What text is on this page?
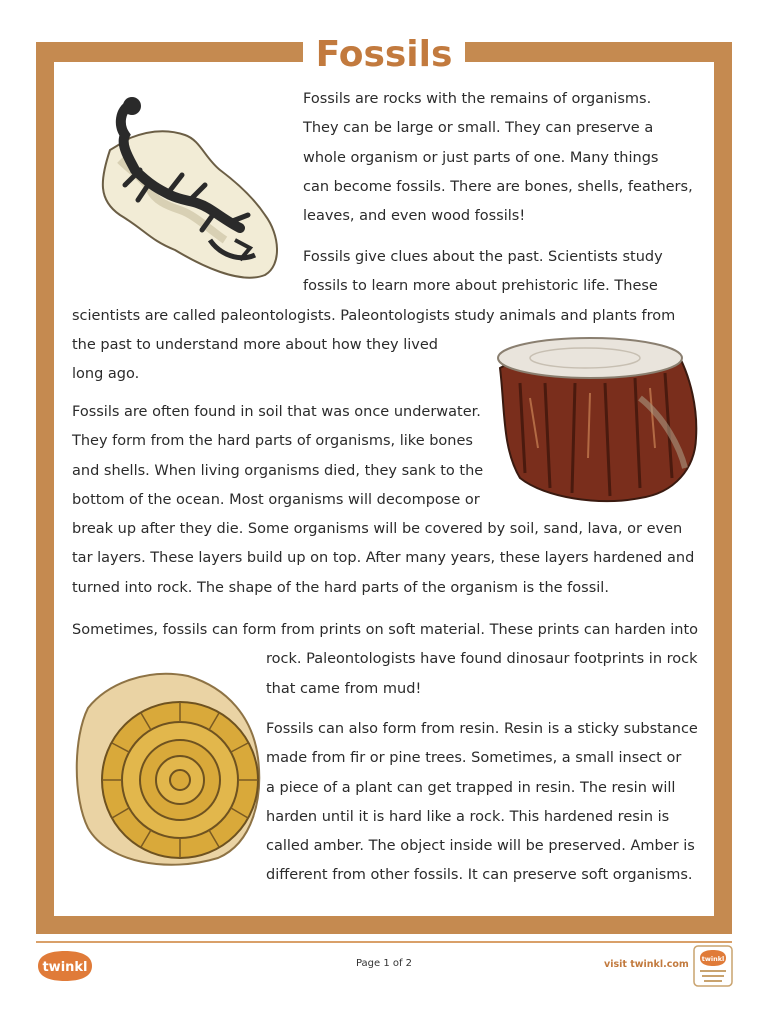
Fossils
Fossils are rocks with the remains of organisms.
They can be large or small. They can preserve a
whole organism or just parts of one. Many things
can become fossils. There are bones, shells, feathers,
leaves, and even wood fossils!
Fossils give clues about the past. Scientists study
fossils to learn more about prehistoric life. These
scientists are called paleontologists. Paleontologists study animals and plants from
the past to understand more about how they lived
long ago.
Fossils are often found in soil that was once underwater.
They form from the hard parts of organisms, like bones
and shells. When living organisms died, they sank to the
bottom of the ocean. Most organisms will decompose or
break up after they die. Some organisms will be covered by soil, sand, lava, or even
tar layers. These layers build up on top. After many years, these layers hardened and
turned into rock. The shape of the hard parts of the organism is the fossil.
Sometimes, fossils can form from prints on soft material. These prints can harden into
rock. Paleontologists have found dinosaur footprints in rock
that came from mud!
Fossils can also form from resin. Resin is a sticky substance
made from fir or pine trees. Sometimes, a small insect or
a piece of a plant can get trapped in resin. The resin will
harden until it is hard like a rock. This hardened resin is
called amber. The object inside will be preserved. Amber is
different from other fossils. It can preserve soft organisms.
twinkl	Page 1 of 2	visit twinkl.com twinkl
